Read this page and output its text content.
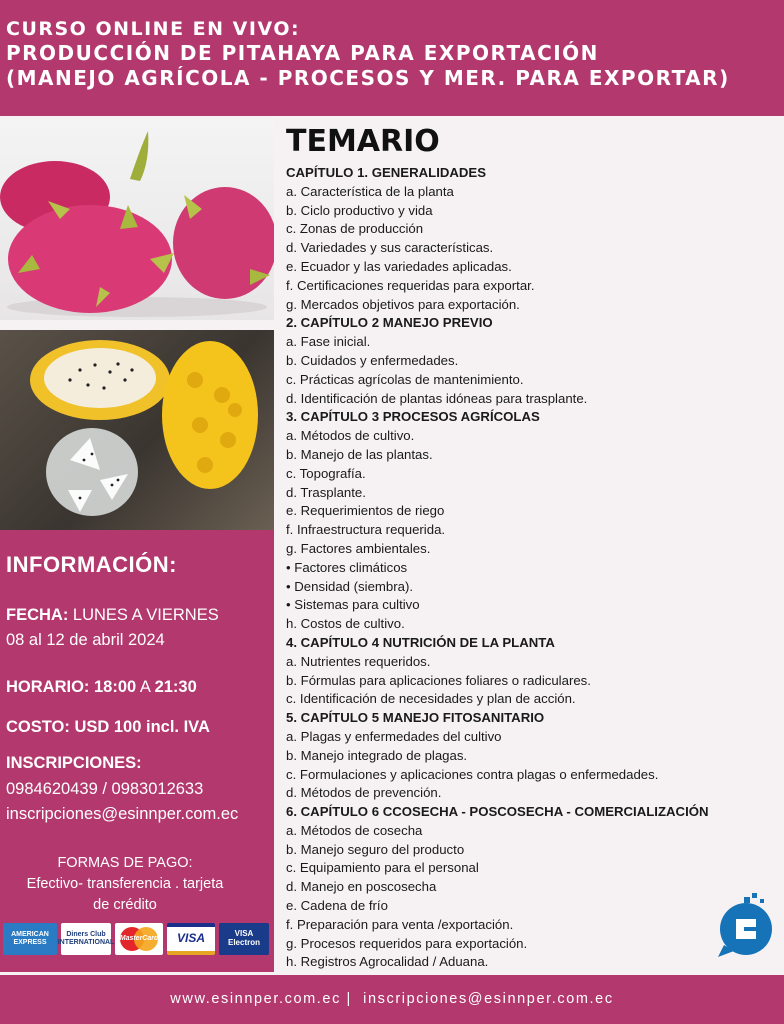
CURSO ONLINE EN VIVO:
PRODUCCIÓN DE PITAHAYA PARA EXPORTACIÓN
(MANEJO AGRÍCOLA - PROCESOS Y MER. PARA EXPORTAR)
INFORMACIÓN:
FECHA: LUNES A VIERNES
08 al 12 de abril 2024
HORARIO: 18:00 A 21:30
COSTO: USD 100 incl. IVA
INSCRIPCIONES:
0984620439 / 0983012633
inscripciones@esinnper.com.ec
FORMAS DE PAGO:
Efectivo- transferencia . tarjeta
de crédito
AMERICAN EXPRESS
Diners Club INTERNATIONAL
MasterCard	VISA	VISA Electron
TEMARIO
CAPÍTULO 1. GENERALIDADES
a. Característica de la planta
b. Ciclo productivo y vida
c. Zonas de producción
d. Variedades y sus características.
e. Ecuador y las variedades aplicadas.
f. Certificaciones requeridas para exportar.
g. Mercados objetivos para exportación.
2. CAPÍTULO 2 MANEJO PREVIO
a. Fase inicial.
b. Cuidados y enfermedades.
c. Prácticas agrícolas de mantenimiento.
d. Identificación de plantas idóneas para trasplante.
3. CAPÍTULO 3 PROCESOS AGRÍCOLAS
a. Métodos de cultivo.
b. Manejo de las plantas.
c. Topografía.
d. Trasplante.
e. Requerimientos de riego
f. Infraestructura requerida.
g. Factores ambientales.
• Factores climáticos
• Densidad (siembra).
• Sistemas para cultivo
h. Costos de cultivo.
4. CAPÍTULO 4 NUTRICIÓN DE LA PLANTA
a. Nutrientes requeridos.
b. Fórmulas para aplicaciones foliares o radiculares.
c. Identificación de necesidades y plan de acción.
5. CAPÍTULO 5 MANEJO FITOSANITARIO
a. Plagas y enfermedades del cultivo
b. Manejo integrado de plagas.
c. Formulaciones y aplicaciones contra plagas o enfermedades.
d. Métodos de prevención.
6. CAPÍTULO 6 CCOSECHA - POSCOSECHA - COMERCIALIZACIÓN
a. Métodos de cosecha
b. Manejo seguro del producto
c. Equipamiento para el personal
d. Manejo en poscosecha
e. Cadena de frío
f. Preparación para venta /exportación.
g. Procesos requeridos para exportación.
h. Registros Agrocalidad / Aduana.
www.esinnper.com.ec |  inscripciones@esinnper.com.ec
